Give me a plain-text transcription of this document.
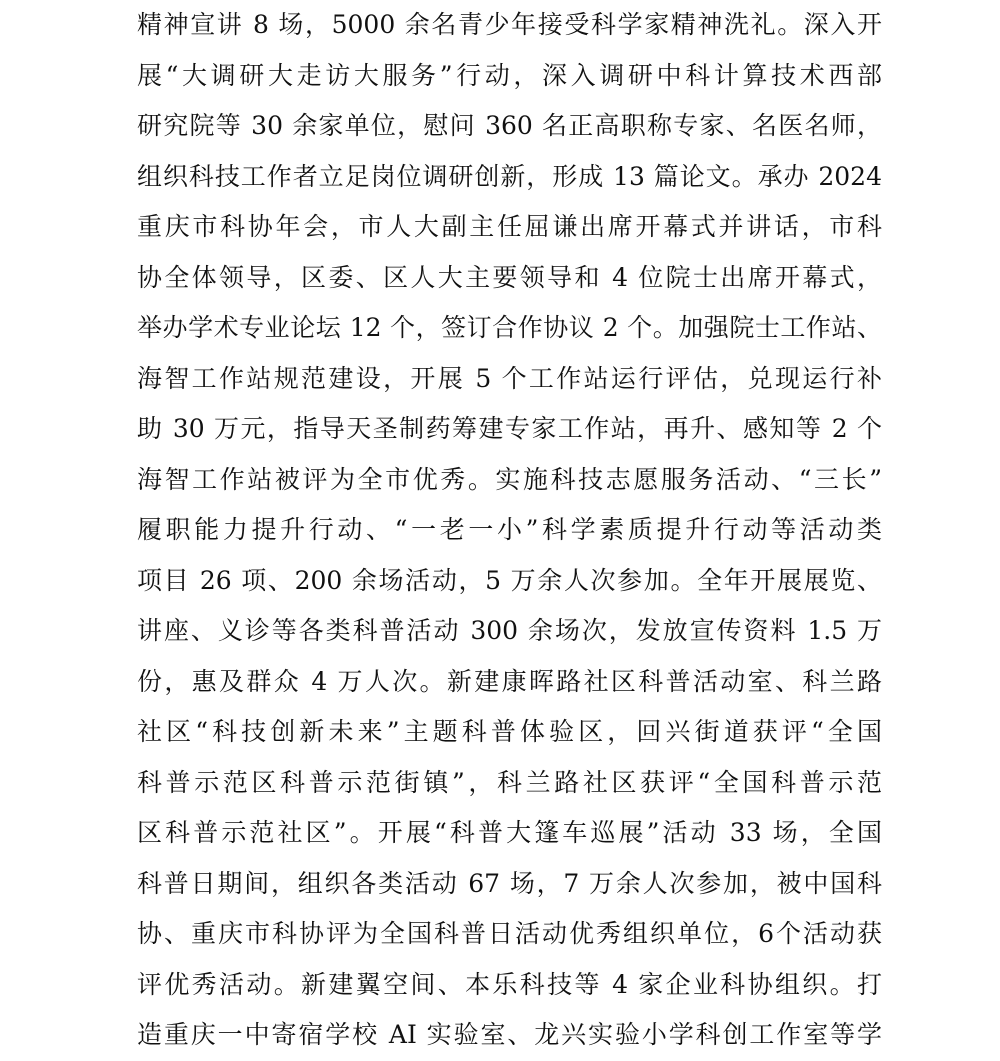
精神宣讲 8 场，5000 余名青少年接受科学家精神洗礼。深入开
展“大调研大走访大服务”行动，深入调研中科计算技术西部
研究院等 30 余家单位，慰问 360 名正高职称专家、名医名师，
组织科技工作者立足岗位调研创新，形成 13 篇论文。承办 2024
重庆市科协年会，市人大副主任屈谦出席开幕式并讲话，市科
协全体领导，区委、区人大主要领导和 4 位院士出席开幕式，
举办学术专业论坛 12 个，签订合作协议 2 个。加强院士工作站、
海智工作站规范建设，开展 5 个工作站运行评估，兑现运行补
助 30 万元，指导天圣制药筹建专家工作站，再升、感知等 2 个
海智工作站被评为全市优秀。实施科技志愿服务活动、“三长”
履职能力提升行动、“一老一小”科学素质提升行动等活动类
项目 26 项、200 余场活动，5 万余人次参加。全年开展展览、
讲座、义诊等各类科普活动 300 余场次，发放宣传资料 1.5 万
份，惠及群众 4 万人次。新建康晖路社区科普活动室、科兰路
社区“科技创新未来”主题科普体验区，回兴街道获评“全国
科普示范区科普示范街镇”，科兰路社区获评“全国科普示范
区科普示范社区”。开展“科普大篷车巡展”活动 33 场，全国
科普日期间，组织各类活动 67 场，7 万余人次参加，被中国科
协、重庆市科协评为全国科普日活动优秀组织单位，6个活动获
评优秀活动。新建翼空间、本乐科技等 4 家企业科协组织。打
造重庆一中寄宿学校 AI 实验室、龙兴实验小学科创工作室等学
